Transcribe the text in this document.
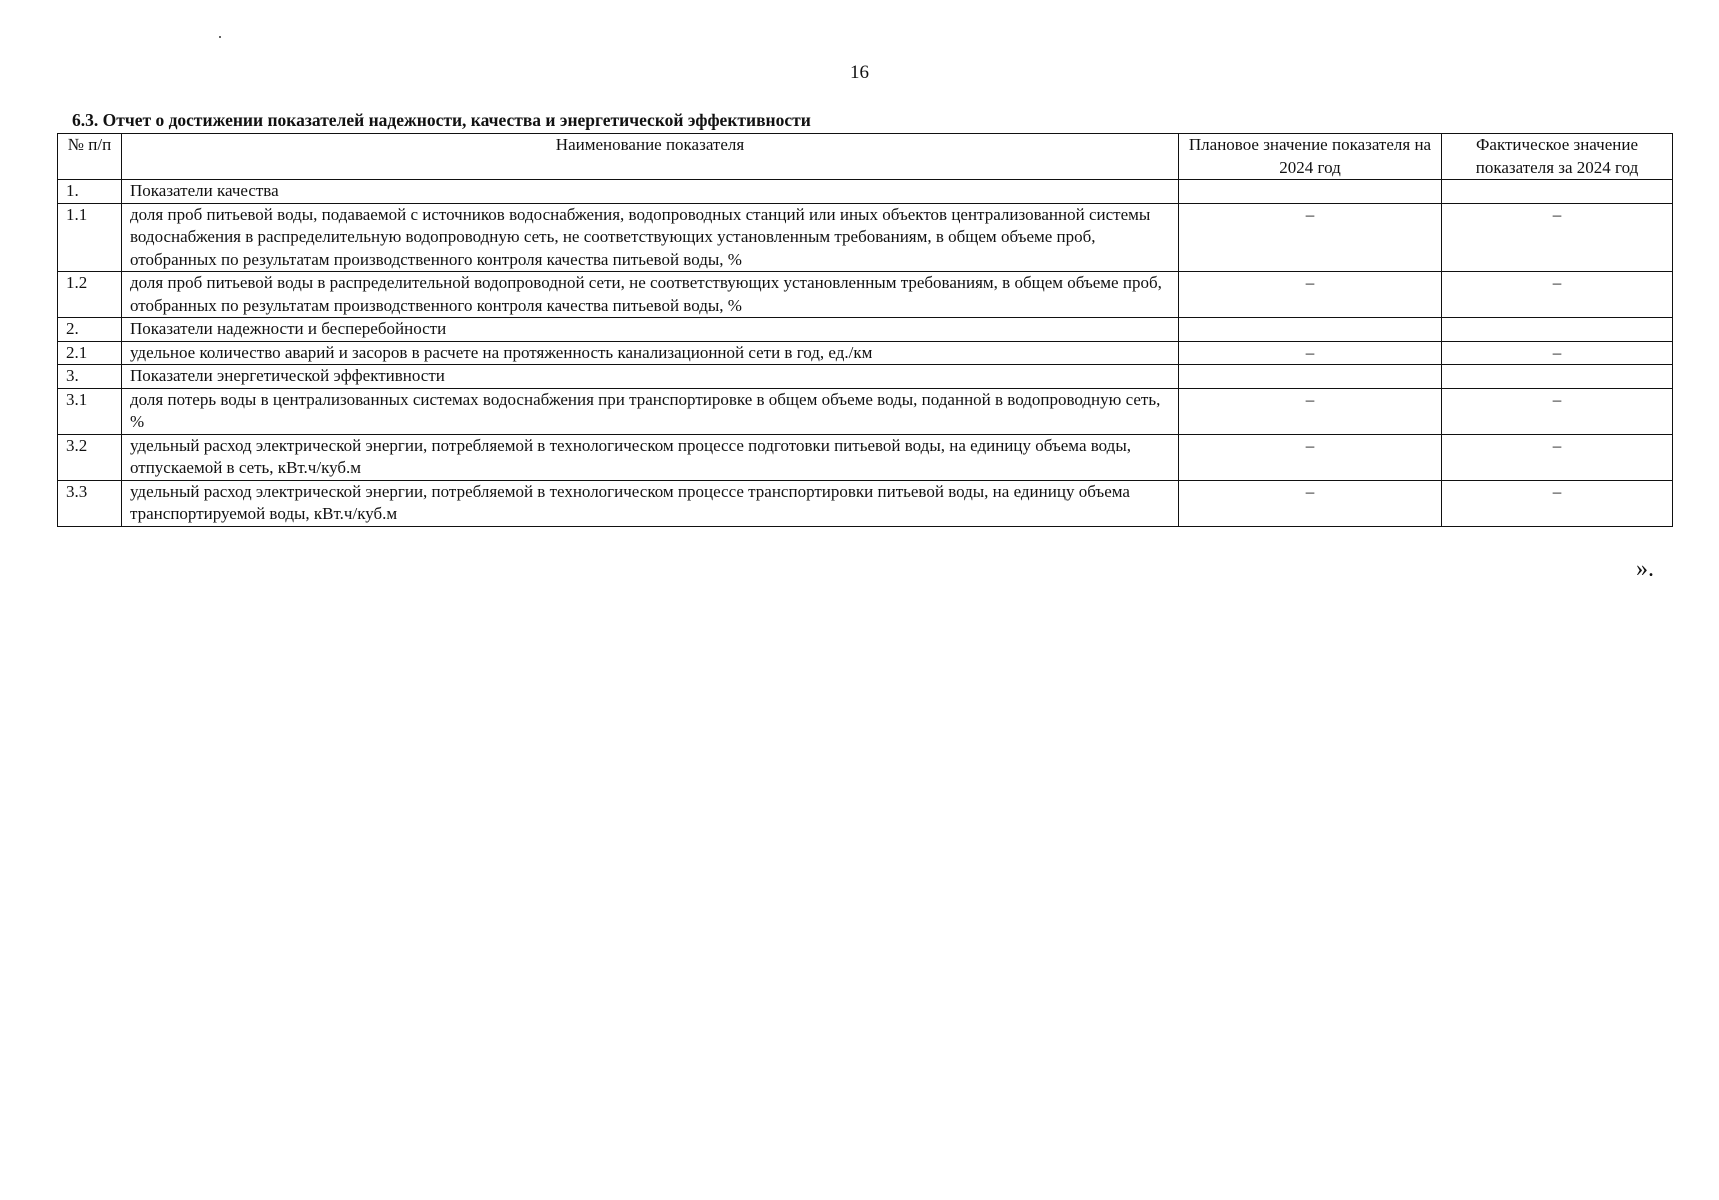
16
6.3. Отчет о достижении показателей надежности, качества и энергетической эффективности
№ п/п	Наименование показателя	Плановое значение показателя на 2024 год	Фактическое значение показателя за 2024 год
1.	Показатели качества		
1.1	доля проб питьевой воды, подаваемой с источников водоснабжения, водопроводных станций или иных объектов централизованной системы водоснабжения в распределительную водопроводную сеть, не соответствующих установленным требованиям, в общем объеме проб, отобранных по результатам производственного контроля качества питьевой воды, %	–	–
1.2	доля проб питьевой воды в распределительной водопроводной сети, не соответствующих установленным требованиям, в общем объеме проб, отобранных по результатам производственного контроля качества питьевой воды, %	–	–
2.	Показатели надежности и бесперебойности		
2.1	удельное количество аварий и засоров в расчете на протяженность канализационной сети в год, ед./км	–	–
3.	Показатели энергетической эффективности		
3.1	доля потерь воды в централизованных системах водоснабжения при транспортировке в общем объеме воды, поданной в водопроводную сеть, %	–	–
3.2	удельный расход электрической энергии, потребляемой в технологическом процессе подготовки питьевой воды, на единицу объема воды, отпускаемой в сеть, кВт.ч/куб.м	–	–
3.3	удельный расход электрической энергии, потребляемой в технологическом процессе транспортировки питьевой воды, на единицу объема транспортируемой воды, кВт.ч/куб.м	–	–
».
